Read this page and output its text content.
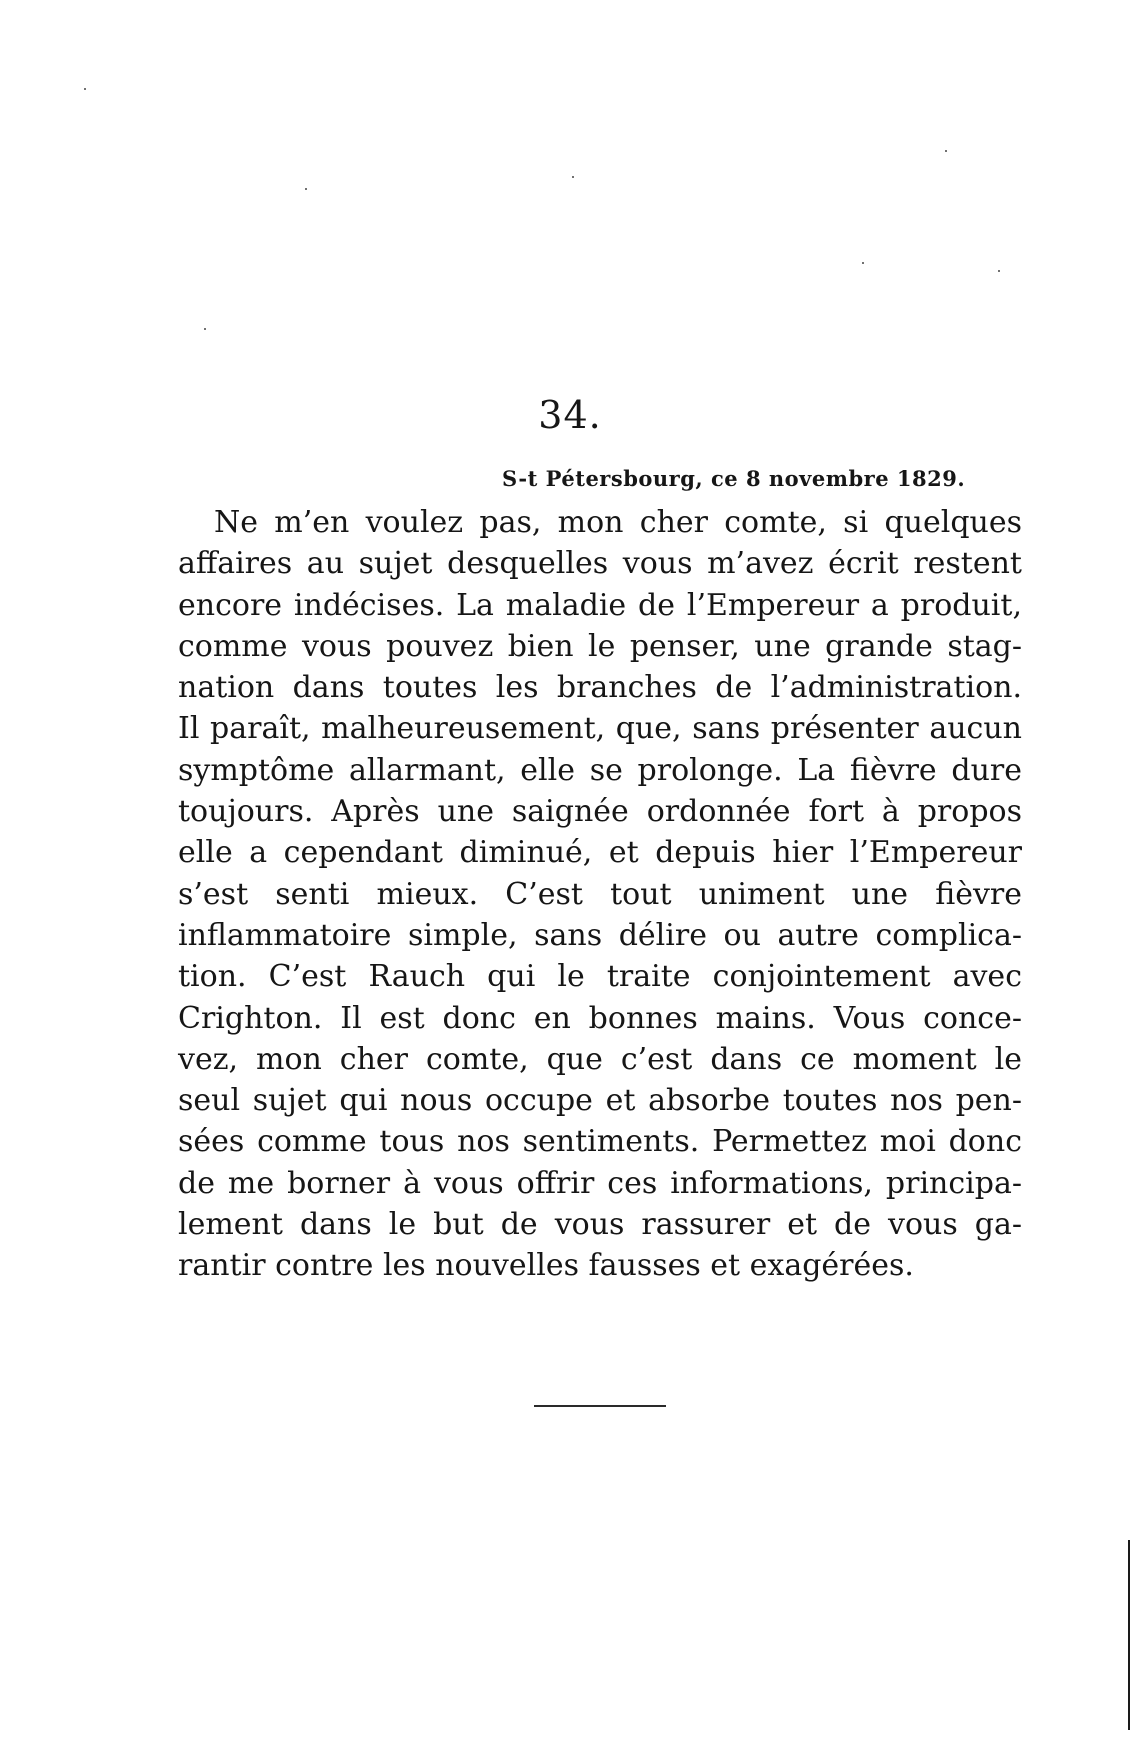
34.
S-t Pétersbourg, ce 8 novembre 1829.
Ne m’en voulez pas, mon cher comte, si quelques
affaires au sujet desquelles vous m’avez écrit restent
encore indécises. La maladie de l’Empereur a produit,
comme vous pouvez bien le penser, une grande stag-
nation dans toutes les branches de l’administration.
Il paraît, malheureusement, que, sans présenter aucun
symptôme allarmant, elle se prolonge. La fièvre dure
toujours. Après une saignée ordonnée fort à propos
elle a cependant diminué, et depuis hier l’Empereur
s’est senti mieux. C’est tout uniment une fièvre
inflammatoire simple, sans délire ou autre complica-
tion. C’est Rauch qui le traite conjointement avec
Crighton. Il est donc en bonnes mains. Vous conce-
vez, mon cher comte, que c’est dans ce moment le
seul sujet qui nous occupe et absorbe toutes nos pen-
sées comme tous nos sentiments. Permettez moi donc
de me borner à vous offrir ces informations, principa-
lement dans le but de vous rassurer et de vous ga-
rantir contre les nouvelles fausses et exagérées.
